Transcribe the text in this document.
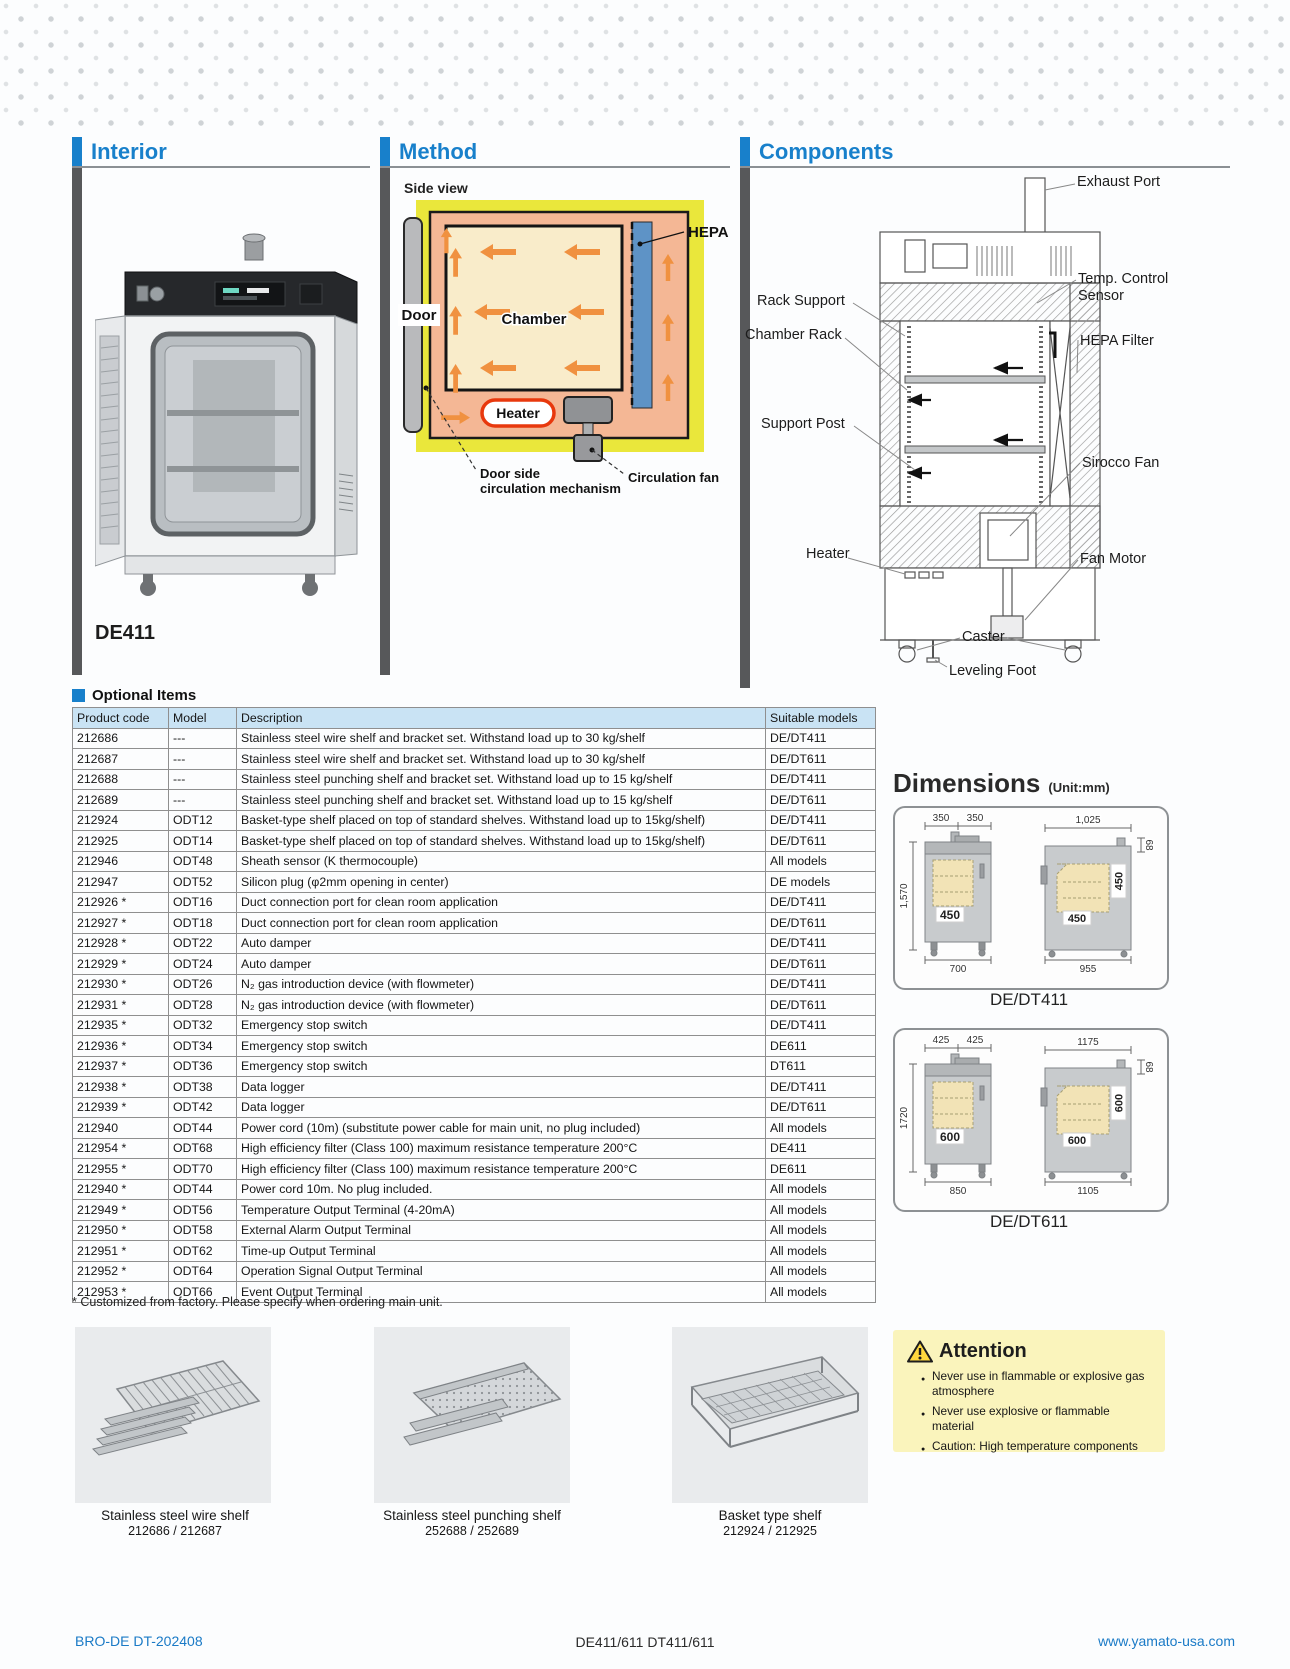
Interior
DE411
Method
Side view
Heater
Chamber
Door
HEPA
Circulation fan
Door side
circulation mechanism
Components
Exhaust Port
Temp. Control
Sensor
HEPA Filter
Sirocco Fan
Fan Motor
Caster
Leveling Foot
Rack Support
Chamber Rack
Support Post
Heater
Optional Items
Product code	Model	Description	Suitable models
212686	---	Stainless steel wire shelf and bracket set. Withstand load up to 30 kg/shelf	DE/DT411
212687	---	Stainless steel wire shelf and bracket set. Withstand load up to 30 kg/shelf	DE/DT611
212688	---	Stainless steel punching shelf and bracket set. Withstand load up to 15 kg/shelf	DE/DT411
212689	---	Stainless steel punching shelf and bracket set. Withstand load up to 15 kg/shelf	DE/DT611
212924	ODT12	Basket-type shelf placed on top of standard shelves. Withstand load up to 15kg/shelf)	DE/DT411
212925	ODT14	Basket-type shelf placed on top of standard shelves. Withstand load up to 15kg/shelf)	DE/DT611
212946	ODT48	Sheath sensor (K thermocouple)	All models
212947	ODT52	Silicon plug (φ2mm opening in center)	DE models
212926 *	ODT16	Duct connection port for clean room application	DE/DT411
212927 *	ODT18	Duct connection port for clean room application	DE/DT611
212928 *	ODT22	Auto damper	DE/DT411
212929 *	ODT24	Auto damper	DE/DT611
212930 *	ODT26	N₂ gas introduction device (with flowmeter)	DE/DT411
212931 *	ODT28	N₂ gas introduction device (with flowmeter)	DE/DT611
212935 *	ODT32	Emergency stop switch	DE/DT411
212936 *	ODT34	Emergency stop switch	DE611
212937 *	ODT36	Emergency stop switch	DT611
212938 *	ODT38	Data logger	DE/DT411
212939 *	ODT42	Data logger	DE/DT611
212940	ODT44	Power cord (10m) (substitute power cable for main unit, no plug included)	All models
212954 *	ODT68	High efficiency filter (Class 100) maximum resistance temperature 200°C	DE411
212955 *	ODT70	High efficiency filter (Class 100) maximum resistance temperature 200°C	DE611
212940 *	ODT44	Power cord 10m. No plug included.	All models
212949 *	ODT56	Temperature Output Terminal (4-20mA)	All models
212950 *	ODT58	External Alarm Output Terminal	All models
212951 *	ODT62	Time-up Output Terminal	All models
212952 *	ODT64	Operation Signal Output Terminal	All models
212953 *	ODT66	Event Output Terminal	All models
* Customized from factory. Please specify when ordering main unit.
Dimensions (Unit:mm)
450
350 350
1,570
700
450
450
1,025
68
955
DE/DT411
600
425 425
1720
850
600
600
1175
68
1105
DE/DT611
Stainless steel wire shelf
212686 / 212687
Stainless steel punching shelf
252688 / 252689
Basket type shelf
212924 / 212925
Attention
● Never use in flammable or explosive gas atmosphere
● Never use explosive or flammable material
● Caution: High temperature components
BRO-DE DT-202408	DE411/611 DT411/611	www.yamato-usa.com
